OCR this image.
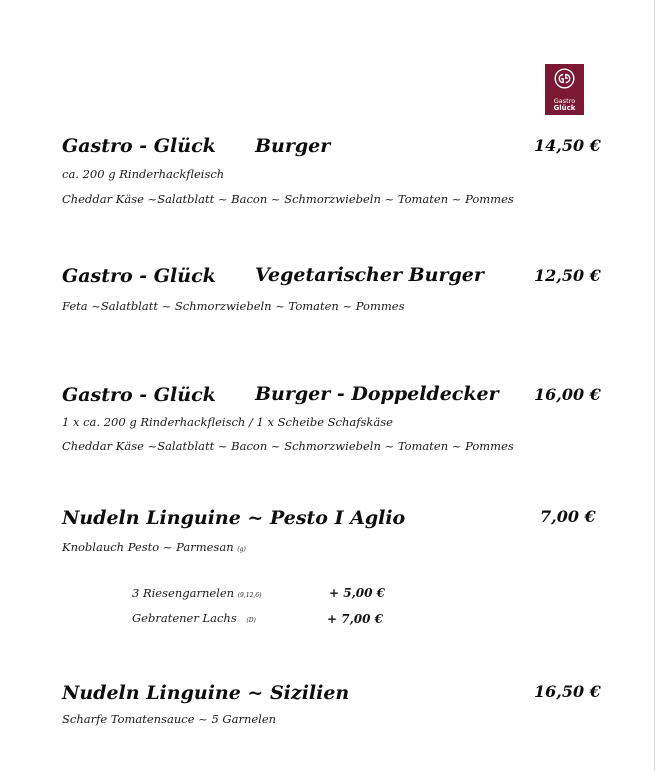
Gastro
Glück
Gastro - Glück Burger	14,50 €
ca. 200 g Rinderhackfleisch
Cheddar Käse ~Salatblatt ~ Bacon ~ Schmorzwiebeln ~ Tomaten ~ Pommes
Gastro - Glück Vegetarischer Burger	12,50 €
Feta ~Salatblatt ~ Schmorzwiebeln ~ Tomaten ~ Pommes
Gastro - Glück Burger - Doppeldecker 16,00 €
1 x ca. 200 g Rinderhackfleisch / 1 x Scheibe Schafskäse
Cheddar Käse ~Salatblatt ~ Bacon ~ Schmorzwiebeln ~ Tomaten ~ Pommes
Nudeln Linguine ~ Pesto I Aglio	7,00 €
Knoblauch Pesto ~ Parmesan (g)
3 Riesengarnelen (9,12,6)	+ 5,00 €
Gebratener Lachs (D)	+ 7,00 €
Nudeln Linguine ~ Sizilien	16,50 €
Scharfe Tomatensauce ~ 5 Garnelen
